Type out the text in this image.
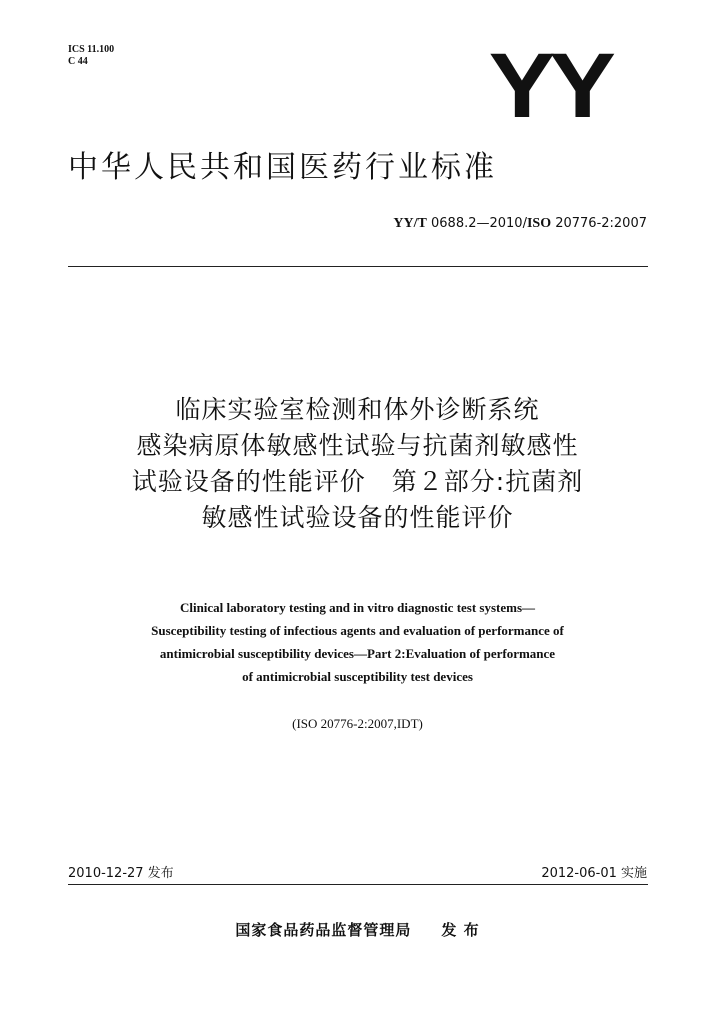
ICS 11.100
C 44	YY
中华人民共和国医药行业标准
YY/T 0688.2—2010/ISO 20776-2:2007
临床实验室检测和体外诊断系统
感染病原体敏感性试验与抗菌剂敏感性
试验设备的性能评价　第２部分:抗菌剂
敏感性试验设备的性能评价
Clinical laboratory testing and in vitro diagnostic test systems—
Susceptibility testing of infectious agents and evaluation of performance of
antimicrobial susceptibility devices—Part 2:Evaluation of performance
of antimicrobial susceptibility test devices
(ISO 20776-2:2007,IDT)
2010-12-27 发布	2012-06-01 实施
国家食品药品监督管理局 发 布
